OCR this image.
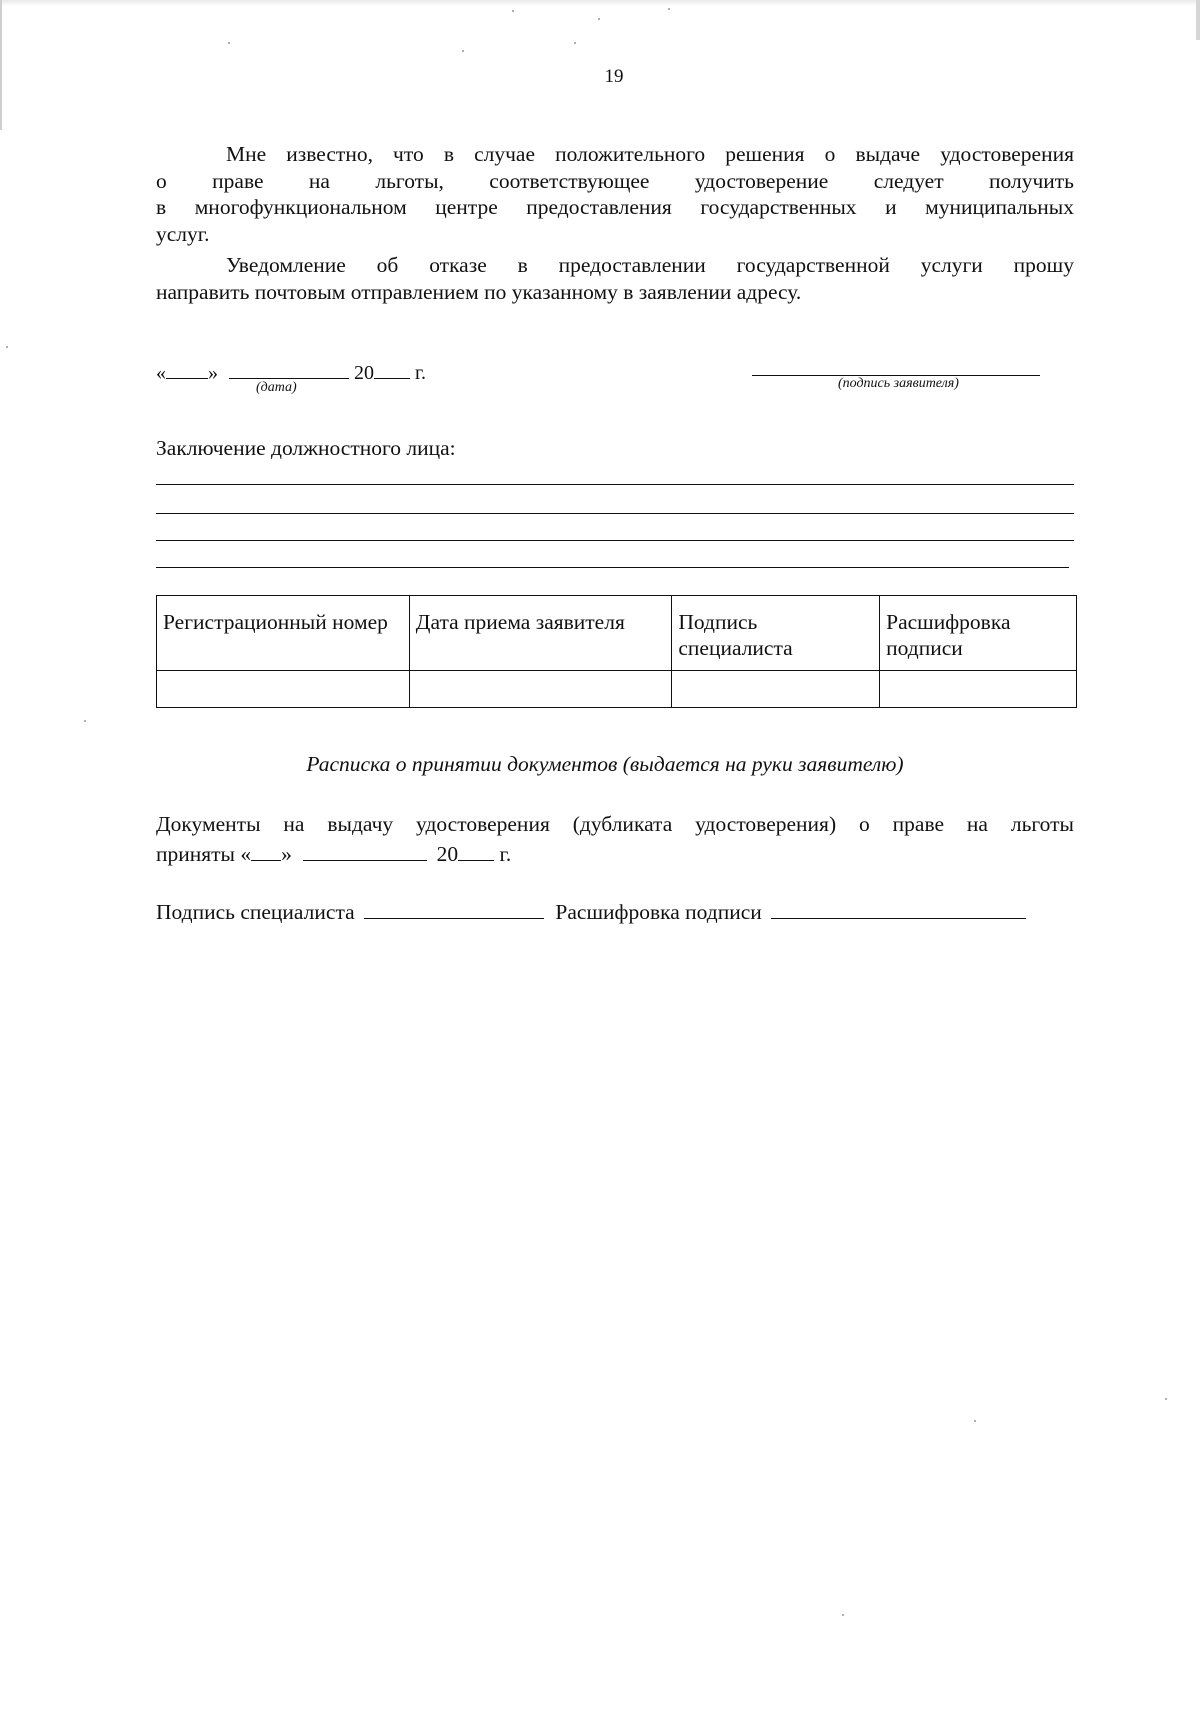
19
Мне известно, что в случае положительного решения о выдаче удостоверения
о праве на льготы, соответствующее удостоверение следует получить
в многофункциональном центре предоставления государственных и муниципальных
услуг.
Уведомление об отказе в предоставлении государственной услуги прошу
направить почтовым отправлением по указанному в заявлении адресу.
« »	20 г.
(дата)	(подпись заявителя)
Заключение должностного лица:
Регистрационный номер	Дата приема заявителя	Подпись специалиста	Расшифровка подписи

Расписка о принятии документов (выдается на руки заявителю)
Документы на выдачу удостоверения (дубликата удостоверения) о праве на льготы
приняты « »	20 г.
Подпись специалиста	Расшифровка подписи
